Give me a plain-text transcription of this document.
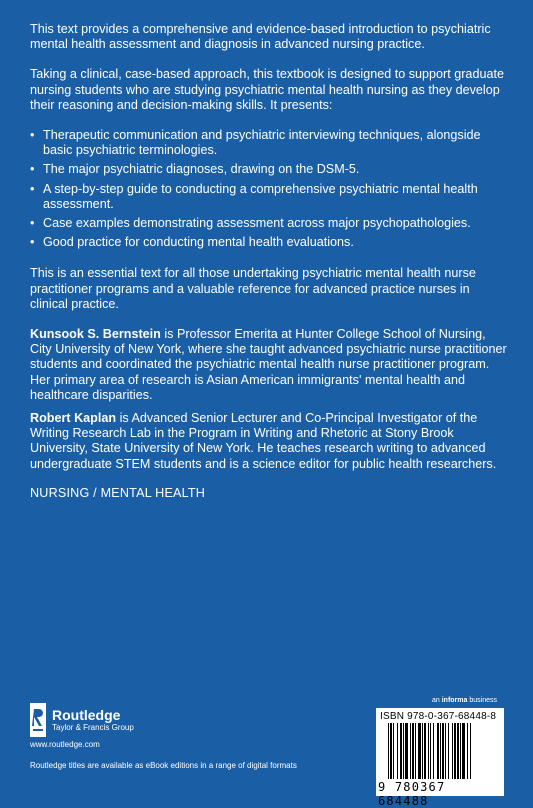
This text provides a comprehensive and evidence-based introduction to psychiatric mental health assessment and diagnosis in advanced nursing practice.

Taking a clinical, case-based approach, this textbook is designed to support graduate nursing students who are studying psychiatric mental health nursing as they develop their reasoning and decision-making skills. It presents:

• Therapeutic communication and psychiatric interviewing techniques, alongside basic psychiatric terminologies.
• The major psychiatric diagnoses, drawing on the DSM-5.
• A step-by-step guide to conducting a comprehensive psychiatric mental health assessment.
• Case examples demonstrating assessment across major psychopathologies.
• Good practice for conducting mental health evaluations.

This is an essential text for all those undertaking psychiatric mental health nurse practitioner programs and a valuable reference for advanced practice nurses in clinical practice.

Kunsook S. Bernstein is Professor Emerita at Hunter College School of Nursing, City University of New York, where she taught advanced psychiatric nurse practitioner students and coordinated the psychiatric mental health nurse practitioner program. Her primary area of research is Asian American immigrants' mental health and healthcare disparities.

Robert Kaplan is Advanced Senior Lecturer and Co-Principal Investigator of the Writing Research Lab in the Program in Writing and Rhetoric at Stony Brook University, State University of New York. He teaches research writing to advanced undergraduate STEM students and is a science editor for public health researchers.

NURSING / MENTAL HEALTH

Routledge
Taylor & Francis Group
www.routledge.com
Routledge titles are available as eBook editions in a range of digital formats
an informa business
ISBN 978-0-367-68448-8
9 780367 684488
